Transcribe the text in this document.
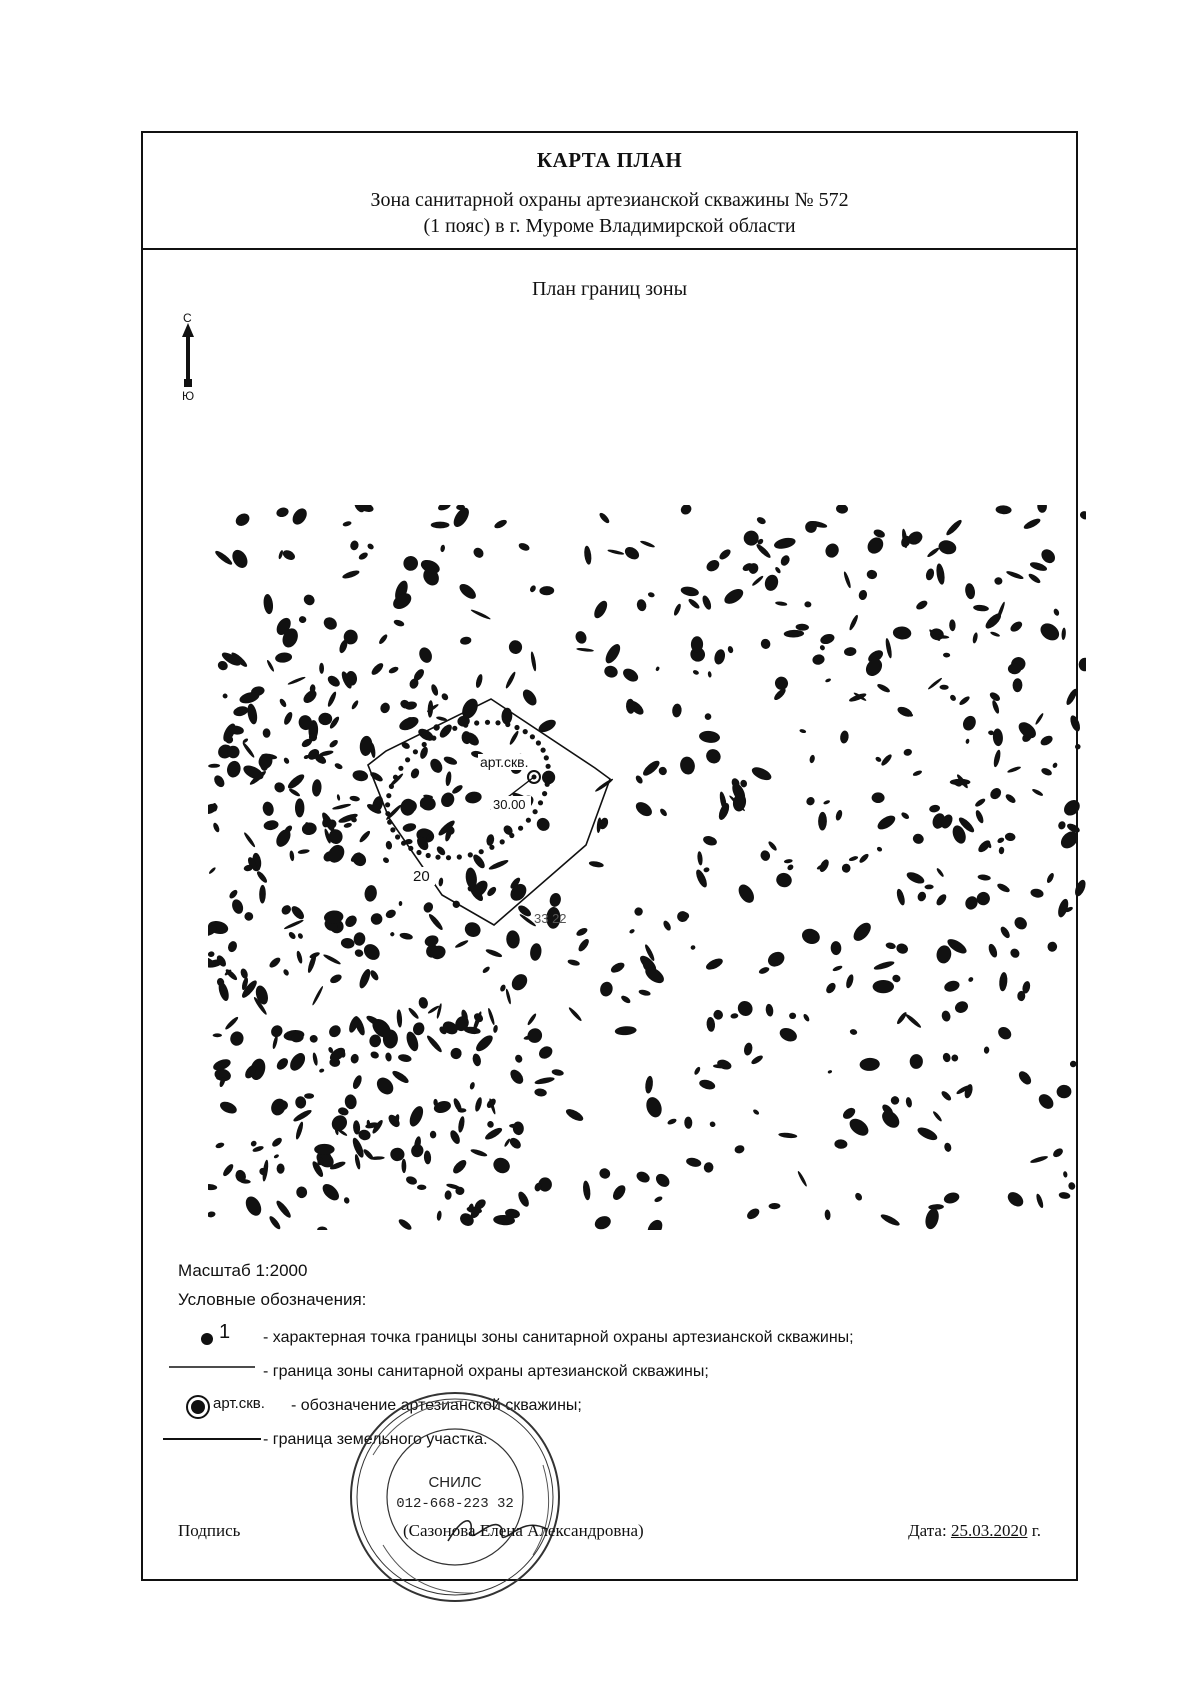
КАРТА ПЛАН
Зона санитарной охраны артезианской скважины № 572
(1 пояс) в г. Муроме Владимирской области
План границ зоны
С
Ю
арт.скв.
30.00
20
33 22
Масштаб 1:2000
Условные обозначения:
1 - характерная точка границы зоны санитарной охраны артезианской скважины;
- граница зоны санитарной охраны артезианской скважины;
арт.скв. - обозначение артезианской скважины;
- граница земельного участка.
СНИЛС
012-668-223 32
Подпись	(Сазонова Елена Александровна)	Дата: 25.03.2020 г.
